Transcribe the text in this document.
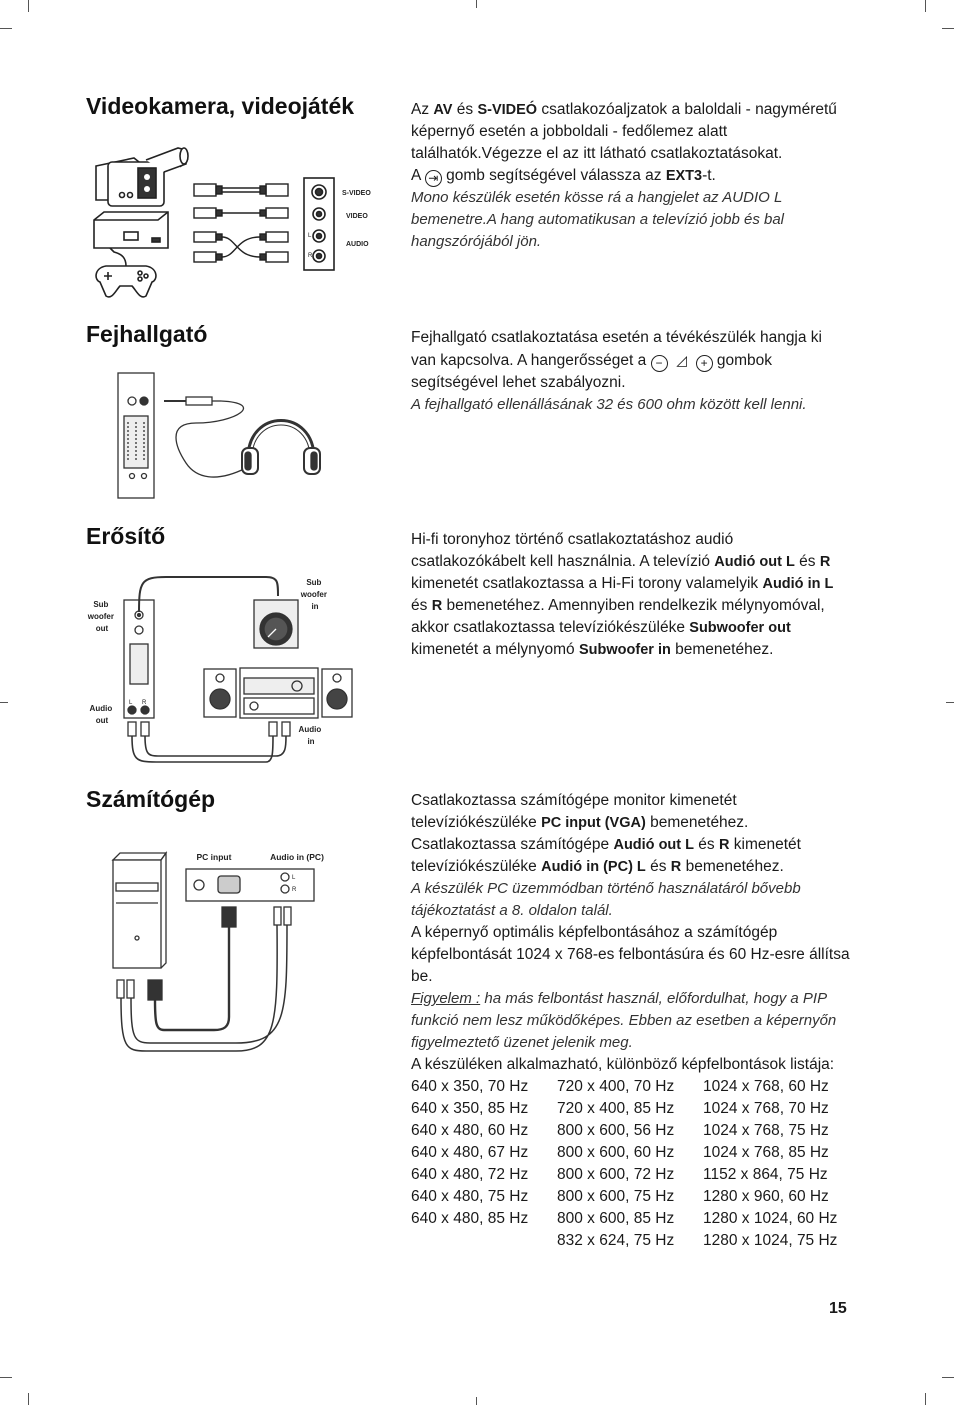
Videokamera, videojáték
S-VIDEO
VIDEO
AUDIO
L
R

Az AV és S-VIDEÓ csatlakozóaljzatok a baloldali - nagyméretű képernyő esetén a jobboldali - fedőlemez alatt találhatók.Végezze el az itt látható csatlakoztatásokat.

A ⇥ gomb segítségével válassza az EXT3-t.

Mono készülék esetén kösse rá a hangjelet az AUDIO L bemenetre.A hang automatikusan a televízió jobb és bal hangszórójából jön.

Fejhallgató	Fejhallgató csatlakoztatása esetén a tévékészülék hangja ki van kapcsolva. A hangerősséget a − ◿ + gombok segítségével lehet szabályozni.

A fejhallgató ellenállásának 32 és 600 ohm között kell lenni.

Erősítő
Sub woofer out
Sub woofer in
Audio out
Audio in
L R

Hi-fi toronyhoz történő csatlakoztatáshoz audió csatlakozókábelt kell használnia. A televízió Audió out L és R kimenetét csatlakoztassa a Hi-Fi torony valamelyik Audió in L és R bemenetéhez. Amennyiben rendelkezik mélynyomóval, akkor csatlakoztassa televíziókészüléke Subwoofer out kimenetét a mélynyomó Subwoofer in bemenetéhez.

Számítógép
PC input	Audio in (PC)
L
R

Csatlakoztassa számítógépe monitor kimenetét televíziókészüléke PC input (VGA) bemenetéhez. Csatlakoztassa számítógépe Audió out L és R kimenetét televíziókészüléke Audió in (PC) L és R bemenetéhez.

A készülék PC üzemmódban történő használatáról bővebb tájékoztatást a 8. oldalon talál.

A képernyő optimális képfelbontásához a számítógép képfelbontását 1024 x 768-es felbontásúra és 60 Hz-esre állítsa be.

Figyelem : ha más felbontást használ, előfordulhat, hogy a PIP funkció nem lesz működőképes. Ebben az esetben a képernyőn figyelmeztető üzenet jelenik meg.

A készüléken alkalmazható, különböző képfelbontások listája:

640 x 350, 70 Hz	720 x 400, 70 Hz	1024 x 768, 60 Hz
640 x 350, 85 Hz	720 x 400, 85 Hz	1024 x 768, 70 Hz
640 x 480, 60 Hz	800 x 600, 56 Hz	1024 x 768, 75 Hz
640 x 480, 67 Hz	800 x 600, 60 Hz	1024 x 768, 85 Hz
640 x 480, 72 Hz	800 x 600, 72 Hz	1152 x 864, 75 Hz
640 x 480, 75 Hz	800 x 600, 75 Hz	1280 x 960, 60 Hz
640 x 480, 85 Hz	800 x 600, 85 Hz	1280 x 1024, 60 Hz
	832 x 624, 75 Hz	1280 x 1024, 75 Hz
15
